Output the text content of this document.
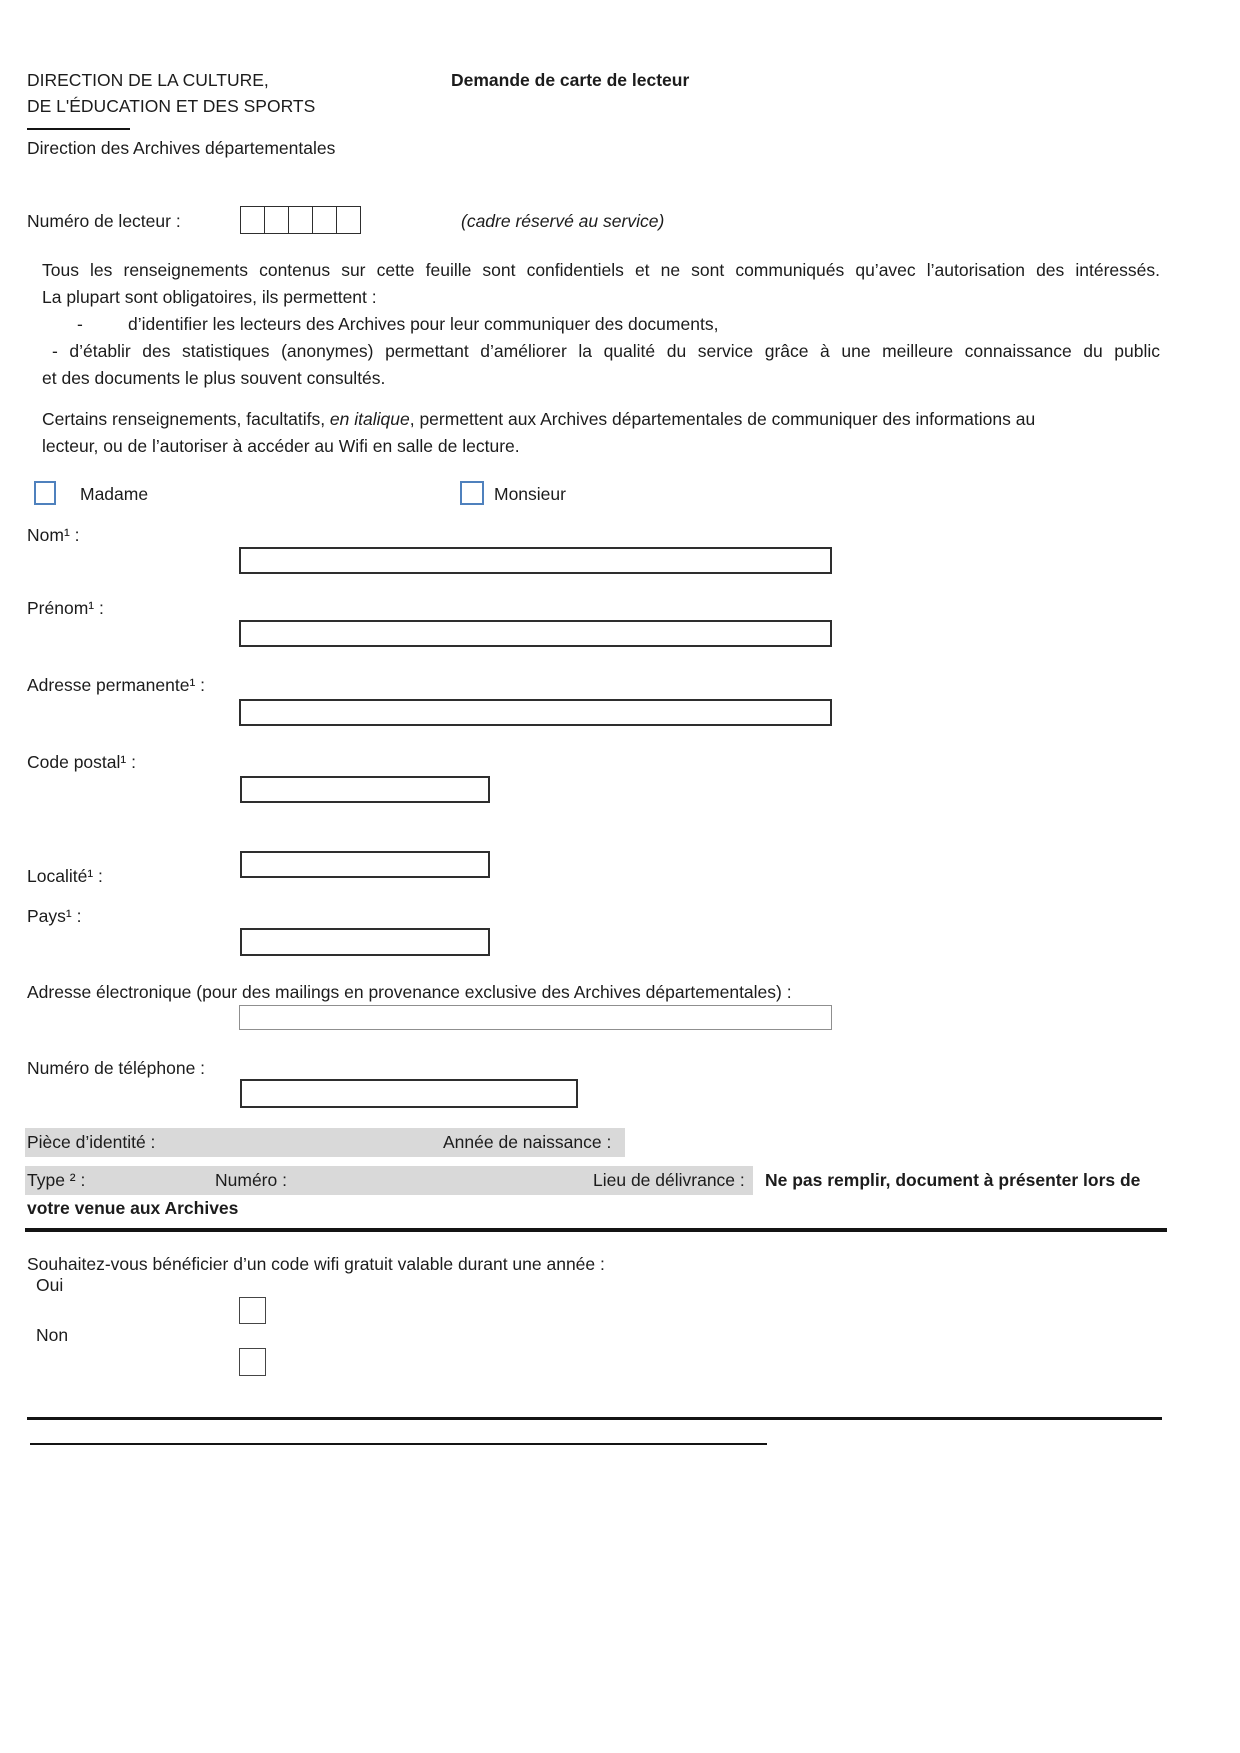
DIRECTION DE LA CULTURE,
DE L'ÉDUCATION ET DES SPORTS
Demande de carte de lecteur
Direction des Archives départementales
Numéro de lecteur :	(cadre réservé au service)
Tous les renseignements contenus sur cette feuille sont confidentiels et ne sont communiqués qu’avec l’autorisation des intéressés.
La plupart sont obligatoires, ils permettent :
-	d’identifier les lecteurs des Archives pour leur communiquer des documents,
- d’établir des statistiques (anonymes) permettant d’améliorer la qualité du service grâce à une meilleure connaissance du public
et des documents le plus souvent consultés.
Certains renseignements, facultatifs, en italique, permettent aux Archives départementales de communiquer des informations au
lecteur, ou de l’autoriser à accéder au Wifi en salle de lecture.
Madame	Monsieur
Nom¹ :
Prénom¹ :
Adresse permanente¹ :
Code postal¹ :
Localité¹ :
Pays¹ :
Adresse électronique (pour des mailings en provenance exclusive des Archives départementales) :
Numéro de téléphone :
Pièce d’identité :	Année de naissance :
Type ² :	Numéro :	Lieu de délivrance : Ne pas remplir, document à présenter lors de
votre venue aux Archives
Souhaitez-vous bénéficier d’un code wifi gratuit valable durant une année :
Oui
Non
